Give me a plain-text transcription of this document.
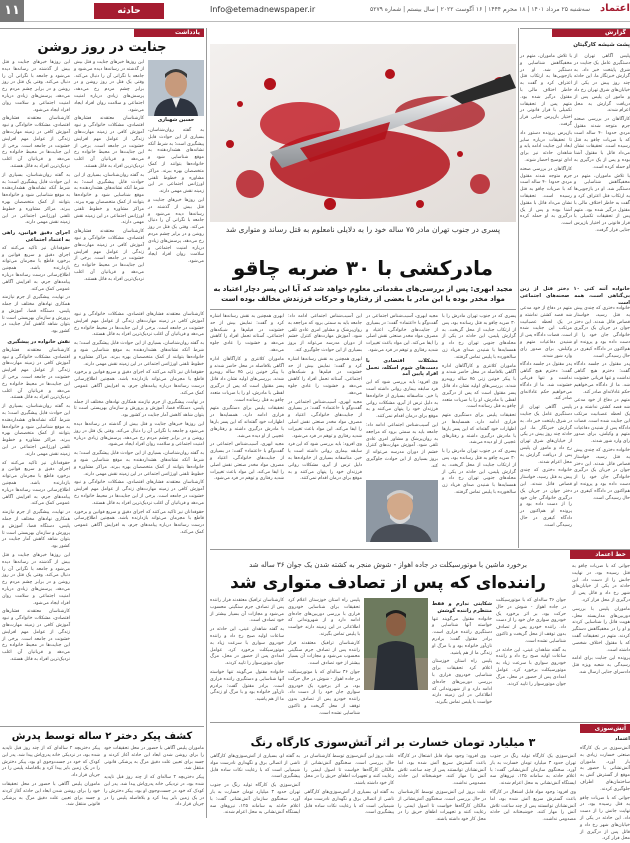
۱۱	حادثه	Info@etemadnewspaper.ir	سه‌شنبه ۲۵ مرداد ۱۴۰۱ | ۱۸ محرم ۱۴۴۴ | ۱۶ آگوست ۲۰۲۲ | سال بیستم | شماره ۵۲۷۹ اعتماد
یادداشت
جنایت در روز روشن
حسین شهبازی

این روزها خبرهای جنایت و قتل بیش از گذشته در رسانه‌ها دیده می‌شود و جامعه با نگرانی آن را دنبال می‌کند. وقتی یک قتل در روز روشن و در برابر چشم مردم رخ می‌دهد، پرسش‌های زیادی درباره امنیت اجتماعی و سلامت روان افراد ایجاد می‌شود.

کارشناسان معتقدند فشارهای اقتصادی، مشکلات خانوادگی و نبود آموزش کافی در زمینه مهارت‌های زندگی از عوامل مهم افزایش خشونت در جامعه است. برخی از این جنایت‌ها در محیط خانواده رخ می‌دهد و قربانیان آن اغلب نزدیک‌ترین افراد به قاتل هستند.

به گفته روان‌شناسان، بسیاری از این حوادث قابل پیشگیری است؛ به شرط آنکه نشانه‌های هشداردهنده به موقع شناسایی شود و خانواده‌ها بتوانند از کمک متخصصان بهره ببرند. مراکز مشاوره و خطوط تلفنی اورژانس اجتماعی در این زمینه نقش مهمی دارند.

کارشناسان معتقدند فشارهای اقتصادی، مشکلات خانوادگی و نبود آموزش کافی در زمینه مهارت‌های زندگی از عوامل مهم افزایش خشونت در جامعه است. برخی از این جنایت‌ها در محیط خانواده رخ می‌دهد و قربانیان آن اغلب نزدیک‌ترین افراد به قاتل هستند.

به گفته روان‌شناسان، بسیاری از این حوادث قابل پیشگیری است؛ به شرط آنکه نشانه‌های هشداردهنده به موقع شناسایی شود و خانواده‌ها بتوانند از کمک متخصصان بهره ببرند. مراکز مشاوره و خطوط تلفنی اورژانس اجتماعی در این زمینه نقش مهمی دارند.

این روزها خبرهای جنایت و قتل بیش از گذشته در رسانه‌ها دیده می‌شود و جامعه با نگرانی آن را دنبال می‌کند. وقتی یک قتل در روز روشن و در برابر چشم مردم رخ می‌دهد، پرسش‌های زیادی درباره امنیت اجتماعی و سلامت روان افراد ایجاد می‌شود.

این روزها خبرهای جنایت و قتل بیش از گذشته در رسانه‌ها دیده می‌شود و جامعه با نگرانی آن را دنبال می‌کند. وقتی یک قتل در روز روشن و در برابر چشم مردم رخ می‌دهد، پرسش‌های زیادی درباره امنیت اجتماعی و سلامت روان افراد ایجاد می‌شود.

کارشناسان معتقدند فشارهای اقتصادی، مشکلات خانوادگی و نبود آموزش کافی در زمینه مهارت‌های زندگی از عوامل مهم افزایش خشونت در جامعه است. برخی از این جنایت‌ها در محیط خانواده رخ می‌دهد و قربانیان آن اغلب نزدیک‌ترین افراد به قاتل هستند.

به گفته روان‌شناسان، بسیاری از این حوادث قابل پیشگیری است؛ به شرط آنکه نشانه‌های هشداردهنده به موقع شناسایی شود و خانواده‌ها بتوانند از کمک متخصصان بهره ببرند. مراکز مشاوره و خطوط تلفنی اورژانس اجتماعی در این زمینه نقش مهمی دارند.

اجرای دقیق قوانین، راهی به اعتماد اجتماعی

حقوقدانان نیز تاکید می‌کنند که اجرای دقیق و سریع قوانین و برخورد قاطع با مجرمان می‌تواند بازدارنده باشد. همچنین اطلاع‌رسانی درست رسانه‌ها درباره پیامدهای جرم، به افزایش آگاهی عمومی کمک می‌کند.

در نهایت، پیشگیری از جرم نیازمند همکاری نهادهای مختلف از جمله پلیس، دستگاه قضا، آموزش و پرورش و سازمان بهزیستی است تا بتوان شاهد کاهش آمار جنایت در کشور بود.

نقش خانواده در پیشگیری

کارشناسان معتقدند فشارهای اقتصادی، مشکلات خانوادگی و نبود آموزش کافی در زمینه مهارت‌های زندگی از عوامل مهم افزایش خشونت در جامعه است. برخی از این جنایت‌ها در محیط خانواده رخ می‌دهد و قربانیان آن اغلب نزدیک‌ترین افراد به قاتل هستند.

به گفته روان‌شناسان، بسیاری از این حوادث قابل پیشگیری است؛ به شرط آنکه نشانه‌های هشداردهنده به موقع شناسایی شود و خانواده‌ها بتوانند از کمک متخصصان بهره ببرند. مراکز مشاوره و خطوط تلفنی اورژانس اجتماعی در این زمینه نقش مهمی دارند.

حقوقدانان نیز تاکید می‌کنند که اجرای دقیق و سریع قوانین و برخورد قاطع با مجرمان می‌تواند بازدارنده باشد. همچنین اطلاع‌رسانی درست رسانه‌ها درباره پیامدهای جرم، به افزایش آگاهی عمومی کمک می‌کند.

در نهایت، پیشگیری از جرم نیازمند همکاری نهادهای مختلف از جمله پلیس، دستگاه قضا، آموزش و پرورش و سازمان بهزیستی است تا بتوان شاهد کاهش آمار جنایت در کشور بود.

این روزها خبرهای جنایت و قتل بیش از گذشته در رسانه‌ها دیده می‌شود و جامعه با نگرانی آن را دنبال می‌کند. وقتی یک قتل در روز روشن و در برابر چشم مردم رخ می‌دهد، پرسش‌های زیادی درباره امنیت اجتماعی و سلامت روان افراد ایجاد می‌شود.

کارشناسان معتقدند فشارهای اقتصادی، مشکلات خانوادگی و نبود آموزش کافی در زمینه مهارت‌های زندگی از عوامل مهم افزایش خشونت در جامعه است. برخی از این جنایت‌ها در محیط خانواده رخ می‌دهد و قربانیان آن اغلب نزدیک‌ترین افراد به قاتل هستند.

کارشناسان معتقدند فشارهای اقتصادی، مشکلات خانوادگی و نبود آموزش کافی در زمینه مهارت‌های زندگی از عوامل مهم افزایش خشونت در جامعه است. برخی از این جنایت‌ها در محیط خانواده رخ می‌دهد و قربانیان آن اغلب نزدیک‌ترین افراد به قاتل هستند.

به گفته روان‌شناسان، بسیاری از این حوادث قابل پیشگیری است؛ به شرط آنکه نشانه‌های هشداردهنده به موقع شناسایی شود و خانواده‌ها بتوانند از کمک متخصصان بهره ببرند. مراکز مشاوره و خطوط تلفنی اورژانس اجتماعی در این زمینه نقش مهمی دارند.

حقوقدانان نیز تاکید می‌کنند که اجرای دقیق و سریع قوانین و برخورد قاطع با مجرمان می‌تواند بازدارنده باشد. همچنین اطلاع‌رسانی درست رسانه‌ها درباره پیامدهای جرم، به افزایش آگاهی عمومی کمک می‌کند.

در نهایت، پیشگیری از جرم نیازمند همکاری نهادهای مختلف از جمله پلیس، دستگاه قضا، آموزش و پرورش و سازمان بهزیستی است تا بتوان شاهد کاهش آمار جنایت در کشور بود.

این روزها خبرهای جنایت و قتل بیش از گذشته در رسانه‌ها دیده می‌شود و جامعه با نگرانی آن را دنبال می‌کند. وقتی یک قتل در روز روشن و در برابر چشم مردم رخ می‌دهد، پرسش‌های زیادی درباره امنیت اجتماعی و سلامت روان افراد ایجاد می‌شود.

به گفته روان‌شناسان، بسیاری از این حوادث قابل پیشگیری است؛ به شرط آنکه نشانه‌های هشداردهنده به موقع شناسایی شود و خانواده‌ها بتوانند از کمک متخصصان بهره ببرند. مراکز مشاوره و خطوط تلفنی اورژانس اجتماعی در این زمینه نقش مهمی دارند.

کارشناسان معتقدند فشارهای اقتصادی، مشکلات خانوادگی و نبود آموزش کافی در زمینه مهارت‌های زندگی از عوامل مهم افزایش خشونت در جامعه است. برخی از این جنایت‌ها در محیط خانواده رخ می‌دهد و قربانیان آن اغلب نزدیک‌ترین افراد به قاتل هستند.

حقوقدانان نیز تاکید می‌کنند که اجرای دقیق و سریع قوانین و برخورد قاطع با مجرمان می‌تواند بازدارنده باشد. همچنین اطلاع‌رسانی درست رسانه‌ها درباره پیامدهای جرم، به افزایش آگاهی عمومی کمک می‌کند.

کشف پیکر دختر ۲ ساله توسط پدرش

پیکر دختربچه ۲ ساله‌ای که از چند روز قبل ناپدید شده بود، در نزدیکی خانه پدری‌اش پیدا شد. پدر این کودک که خود در جست‌وجوی او بود، پیکر دخترش را در یک زمین بایر پیدا کرد و بلافاصله پلیس را در جریان قرار داد.

ماموران پلیس آگاهی با حضور در محل تحقیقات خود را برای روشن شدن ابعاد این حادثه آغاز کردند و جسد برای تعیین علت دقیق مرگ به پزشکی قانونی منتقل شد.

ماموران پلیس آگاهی با حضور در محل تحقیقات خود را برای روشن شدن ابعاد این حادثه آغاز کردند و جسد برای تعیین علت دقیق مرگ به پزشکی قانونی منتقل شد.

پیکر دختربچه ۲ ساله‌ای که از چند روز قبل ناپدید شده بود، در نزدیکی خانه پدری‌اش پیدا شد. پدر این کودک که خود در جست‌وجوی او بود، پیکر دخترش را در یک زمین بایر پیدا کرد و بلافاصله پلیس را در جریان قرار داد.

پسری در جنوب تهران مادر ۷۵ ساله خود را به دلایلی نامعلوم به قتل رساند و متواری شد
مادرکشی با ۳۰ ضربه چاقو
مجید ابهری: پس از بررسی‌های مقدماتی معلوم خواهد شد که آیا این پسر دچار اعتیاد به مواد مخدر بوده یا این مادر با بعضی از رفتارها و حرکات فرزندش مخالف بوده است

پسری که در جنوب تهران مادرش را با ۳۰ ضربه چاقو به قتل رسانده بود، پس از ارتکاب جنایت از محل گریخت. به گزارش پلیس، این حادثه در یکی از محله‌های جنوبی تهران رخ داد و همسایه‌ها با شنیدن صدای فریاد زن سالخورده با پلیس تماس گرفتند.

ماموران کلانتری و کارآگاهان اداره آگاهی بلافاصله در محل حاضر شدند و با پیکر خونین زنی ۷۵ ساله روبه‌رو شدند. بررسی‌های اولیه نشان داد قاتل پسر مقتول است که پس از درگیری لفظی با مادرش، او را با ضربات متعدد چاقو به قتل رسانده است.

تحقیقات پلیس برای دستگیری متهم فراری ادامه دارد. همسایه‌ها در اظهارات خود گفته‌اند که این پسر بارها با مادرش درگیری داشته و رفتارهای عجیبی از او دیده می‌شد.

پسری که در جنوب تهران مادرش را با ۳۰ ضربه چاقو به قتل رسانده بود، پس از ارتکاب جنایت از محل گریخت. به گزارش پلیس، این حادثه در یکی از محله‌های جنوبی تهران رخ داد و همسایه‌ها با شنیدن صدای فریاد زن سالخورده با پلیس تماس گرفتند.

مجید ابهری، آسیب‌شناس اجتماعی در گفت‌وگو با «اعتماد» گفت: در بسیاری از جنایت‌های خانوادگی، اعتیاد و مصرف مواد مخدر صنعتی نقش اصلی را ایفا می‌کند. این مواد باعث تغییرات شدید رفتاری و توهم در فرد می‌شود.

مشکلات اقتصادی با دست‌های شوم اسکله، تحمل افراد پایین آمد

وی افزود: باید بررسی شود که این فرد سابقه بیماری روانی داشته است یا خیر. متاسفانه بسیاری از خانواده‌ها به دلیل ترس از آبرو، مشکلات روانی فرزندان خود را پنهان می‌کنند و به موقع برای درمان اقدام نمی‌کنند.

این آسیب‌شناس اجتماعی ادامه داد: جامعه باید به سمتی برود که مراجعه به روان‌پزشک و مشاور امری عادی تلقی شود. آموزش مهارت‌های کنترل خشم از دوران مدرسه می‌تواند از بروز بسیاری از این حوادث جلوگیری کند.

این آسیب‌شناس اجتماعی ادامه داد: جامعه باید به سمتی برود که مراجعه به روان‌پزشک و مشاور امری عادی تلقی شود. آموزش مهارت‌های کنترل خشم از دوران مدرسه می‌تواند از بروز بسیاری از این حوادث جلوگیری کند.

ابهری همچنین به نقش رسانه‌ها اشاره کرد و گفت: نمایش بیش از حد خشونت در فیلم‌ها و شبکه‌های اجتماعی، آستانه تحمل افراد را کاهش می‌دهد و خشونت را عادی جلوه می‌دهد.

مجید ابهری، آسیب‌شناس اجتماعی در گفت‌وگو با «اعتماد» گفت: در بسیاری از جنایت‌های خانوادگی، اعتیاد و مصرف مواد مخدر صنعتی نقش اصلی را ایفا می‌کند. این مواد باعث تغییرات شدید رفتاری و توهم در فرد می‌شود.

وی افزود: باید بررسی شود که این فرد سابقه بیماری روانی داشته است یا خیر. متاسفانه بسیاری از خانواده‌ها به دلیل ترس از آبرو، مشکلات روانی فرزندان خود را پنهان می‌کنند و به موقع برای درمان اقدام نمی‌کنند.

ابهری همچنین به نقش رسانه‌ها اشاره کرد و گفت: نمایش بیش از حد خشونت در فیلم‌ها و شبکه‌های اجتماعی، آستانه تحمل افراد را کاهش می‌دهد و خشونت را عادی جلوه می‌دهد.

ماموران کلانتری و کارآگاهان اداره آگاهی بلافاصله در محل حاضر شدند و با پیکر خونین زنی ۷۵ ساله روبه‌رو شدند. بررسی‌های اولیه نشان داد قاتل پسر مقتول است که پس از درگیری لفظی با مادرش، او را با ضربات متعدد چاقو به قتل رسانده است.

تحقیقات پلیس برای دستگیری متهم فراری ادامه دارد. همسایه‌ها در اظهارات خود گفته‌اند که این پسر بارها با مادرش درگیری داشته و رفتارهای عجیبی از او دیده می‌شد.

مجید ابهری، آسیب‌شناس اجتماعی در گفت‌وگو با «اعتماد» گفت: در بسیاری از جنایت‌های خانوادگی، اعتیاد و مصرف مواد مخدر صنعتی نقش اصلی را ایفا می‌کند. این مواد باعث تغییرات شدید رفتاری و توهم در فرد می‌شود.

گزارش
پشت شیشه کارگیتان

پلیس آگاهی تهران از دستگیری عامل یک جنایت در شرق پایتخت خبر داد. به گزارش خبرنگار ما، این حادثه چند روز پیش در یکی از خیابان‌های شرق تهران رخ داد و مامور ان پلیس پس از دریافت گزارش به محل اعزام شدند.

کارآگاهان در بررسی صحنه جرم متوجه شدند مقتول مردی حدودا ۴۰ ساله است که با ضربات چاقو به قتل رسیده است. تحقیقات نشان می‌داد قاتل با مقتول آشنا بوده و پس از یک درگیری به او حمله کرده است.

با تلاش ماموران، متهم در مخفیگاهش شناسایی و دستگیر شد. او در بازجویی‌ها به ارتکاب قتل اعتراف کرد و گفت به خاطر اختلاف مالی با مقتول درگیر شده بود. متهم پس از تحقیقات تکمیلی با قرار قانونی در اختیار بازپرس جنایی قرار گرفت.

با تلاش ماموران، متهم در مخفیگاهش شناسایی و دستگیر شد. او در بازجویی‌ها به ارتکاب قتل اعتراف کرد و گفت به خاطر اختلاف مالی با مقتول درگیر شده بود. متهم پس از تحقیقات تکمیلی با قرار قانونی در اختیار بازپرس جنایی قرار گرفت.

بازپرس پرونده دستور داد تا تحقیقات درباره سایر ابعاد این جنایت ادامه یابد و شاهدان حادثه نیز برای ادای توضیح احضار شوند.

کارآگاهان در بررسی صحنه جرم متوجه شدند مقتول مردی حدودا ۴۰ ساله است که با ضربات چاقو به قتل رسیده است. تحقیقات نشان می‌داد قاتل با مقتول آشنا بوده و پس از یک درگیری به او حمله کرده است.

خانواده آتنه کنی ۱۰ دختر قتل از زین بی‌گناهی است، همه صحنه‌های اجتماعی است

خانواده دختری که چندی پیش به قتل رسید، خواستار قصاص قاتل شدند. این دختر جوان در جریان یک درگیری خانوادگی جان خود را از دست داده بود و پرونده او هم‌اکنون در دادگاه کیفری در حال رسیدگی است.

پدر مقتول در جلسه دادگاه گفت: دخترم هیچ گناهی نداشت و تنها قربانی خشونت شد. ما از دادگاه می‌خواهیم حکم عادلانه‌ای صادر کند.

متهم در دفاع از خود مدعی شد قصد کشتن نداشته و در یک لحظه عصبانیت مرتکب این جنایت شده است. قضات دادگاه پس از شنیدن دفاعیات متهم و وکیلش، برای صدور رای وارد شور شدند.

خانواده دختری که چندی پیش به قتل رسید، خواستار قصاص قاتل شدند. این دختر جوان در جریان یک درگیری خانوادگی جان خود را از دست داده بود و پرونده او هم‌اکنون در دادگاه کیفری در حال رسیدگی است.

متهم در دفاع از خود مدعی شد قصد کشتن نداشته و در یک لحظه عصبانیت مرتکب این جنایت شده است. قضات دادگاه پس از شنیدن دفاعیات متهم و وکیلش، برای صدور رای وارد شور شدند.

پدر مقتول در جلسه دادگاه گفت: دخترم هیچ گناهی نداشت و تنها قربانی خشونت شد. ما از دادگاه می‌خواهیم حکم عادلانه‌ای صادر کند.

پلیس آگاهی تهران از دستگیری عامل یک جنایت در شرق پایتخت خبر داد. به گزارش خبرنگار ما، این حادثه چند روز پیش در یکی از خیابان‌های شرق تهران رخ داد و مامور ان پلیس پس از دریافت گزارش به محل اعزام شدند.

خانواده دختری که چندی پیش به قتل رسید، خواستار قصاص قاتل شدند. این دختر جوان در جریان یک درگیری خانوادگی جان خود را از دست داده بود و پرونده او هم‌اکنون در دادگاه کیفری در حال رسیدگی است.

خط اعتماد
برخورد ماشین با موتورسیکلت در جاده اهواز - شوش منجر به کشته شدن یک جوان ۳۶ ساله شد
راننده‌ای که پس از تصادف متواری شد

جوانی که با ضربات چاقو به قتل رسیده بود، در نهایت جانش را از دست داد. این حادثه در یکی از خیابان‌های شهر رخ داد و قاتل پس از درگیری از محل فرار کرد.

ماموران پلیس با بررسی دوربین‌های مداربسته محل، هویت قاتل را شناسایی کردند و او را در مخفیگاهش دستگیر کردند. متهم در تحقیقات گفت که با مقتول اختلاف شخصی داشته است.

پرونده این جنایت برای ادامه رسیدگی به شعبه ویژه قتل دادسرای جنایی ارسال شد.

جوان ۳۶ ساله‌ای که با موتورسیکلت در جاده اهواز - شوش در حال حرکت بود، بر اثر برخورد یک خودروی سواری جان خود را از دست داد. راننده خودرو پس از تصادف بدون توقف از محل گریخت و تاکنون شناسایی نشده است.

به گفته شاهدان عینی، این حادثه در ساعات اولیه صبح رخ داد و راننده خودروی سواری با سرعت زیاد به موتورسیکلت برخورد کرد. عوامل امدادی پس از حضور در محل، مرگ جوان موتورسوار را تایید کردند.

شکایتی ندارم و فقط منتظرم راننده گوشش

خانواده مقتول می‌گویند تنها خواسته آنها شناسایی و دستگیری راننده فراری است. برادر مقتول گفت: برادرم نان‌آور خانواده بود و با مرگ او زندگی ما از هم پاشید.

پلیس راه استان خوزستان اعلام کرد تحقیقات برای شناسایی خودروی فراری با بررسی دوربین‌های جاده‌ای ادامه دارد و از شهروندانی که اطلاعاتی در این زمینه دارند خواست با پلیس تماس بگیرند.

پلیس راه استان خوزستان اعلام کرد تحقیقات برای شناسایی خودروی فراری با بررسی دوربین‌های جاده‌ای ادامه دارد و از شهروندانی که اطلاعاتی در این زمینه دارند خواست با پلیس تماس بگیرند.

کارشناسان ترافیک معتقدند فرار راننده پس از تصادف جرم سنگینی محسوب می‌شود و مجازات آن بسیار بیشتر از خود تصادف است.

جوان ۳۶ ساله‌ای که با موتورسیکلت در جاده اهواز - شوش در حال حرکت بود، بر اثر برخورد یک خودروی سواری جان خود را از دست داد. راننده خودرو پس از تصادف بدون توقف از محل گریخت و تاکنون شناسایی نشده است.

کارشناسان ترافیک معتقدند فرار راننده پس از تصادف جرم سنگینی محسوب می‌شود و مجازات آن بسیار بیشتر از خود تصادف است.

به گفته شاهدان عینی، این حادثه در ساعات اولیه صبح رخ داد و راننده خودروی سواری با سرعت زیاد به موتورسیکلت برخورد کرد. عوامل امدادی پس از حضور در محل، مرگ جوان موتورسوار را تایید کردند.

خانواده مقتول می‌گویند تنها خواسته آنها شناسایی و دستگیری راننده فراری است. برادر مقتول گفت: برادرم نان‌آور خانواده بود و با مرگ او زندگی ما از هم پاشید.

آتش‌سوزی
۳ میلیارد تومان خسارت بر اثر آتش‌سوزی کارگاه رنگ	اعتماد

آتش‌سوزی در یک کارگاه صنعتی خسارت زیادی به بار آورد. ماموران آتش‌نشانی با حضور به موقع از گسترش آتش به ساختمان‌های اطراف جلوگیری کردند.

جوانی که با ضربات چاقو به قتل رسیده بود، در نهایت جانش را از دست داد. این حادثه در یکی از خیابان‌های شهر رخ داد و قاتل پس از درگیری از محل فرار کرد.

آتش‌سوزی یک کارگاه تولید رنگ در جنوب تهران حدود ۳ میلیارد تومان خسارت به بار آورد. سخنگوی سازمان آتش‌نشانی گفت: با اعلام حادثه به سامانه ۱۲۵، نیروهای سه ایستگاه آتش‌نشانی به محل اعزام شدند.

وی افزود: وجود مواد قابل اشتعال در کارگاه باعث گسترش سریع آتش شده بود، اما آتش‌نشانان توانستند پس از چند ساعت تلاش آتش را مهار کنند. خوشبختانه این حادثه مصدومی نداشت.

وی افزود: وجود مواد قابل اشتعال در کارگاه باعث گسترش سریع آتش شده بود، اما آتش‌نشانان توانستند پس از چند ساعت تلاش آتش را مهار کنند. خوشبختانه این حادثه مصدومی نداشت.

علت بروز این آتش‌سوزی توسط کارشناسان در حال بررسی است. سخنگوی آتش‌نشانی از مالکان کارگاه‌ها خواست تا اصول ایمنی را رعایت کنند و تجهیزات اطفای حریق را در محل کار خود داشته باشند.

علت بروز این آتش‌سوزی توسط کارشناسان در حال بررسی است. سخنگوی آتش‌نشانی از مالکان کارگاه‌ها خواست تا اصول ایمنی را رعایت کنند و تجهیزات اطفای حریق را در محل کار خود داشته باشند.

به گفته او، بسیاری از آتش‌سوزی‌های کارگاهی ناشی از اتصالی برق و نگهداری نادرست مواد شیمیایی است که با رعایت نکات ساده قابل پیشگیری است.

به گفته او، بسیاری از آتش‌سوزی‌های کارگاهی ناشی از اتصالی برق و نگهداری نادرست مواد شیمیایی است که با رعایت نکات ساده قابل پیشگیری است.

آتش‌سوزی یک کارگاه تولید رنگ در جنوب تهران حدود ۳ میلیارد تومان خسارت به بار آورد. سخنگوی سازمان آتش‌نشانی گفت: با اعلام حادثه به سامانه ۱۲۵، نیروهای سه ایستگاه آتش‌نشانی به محل اعزام شدند.
